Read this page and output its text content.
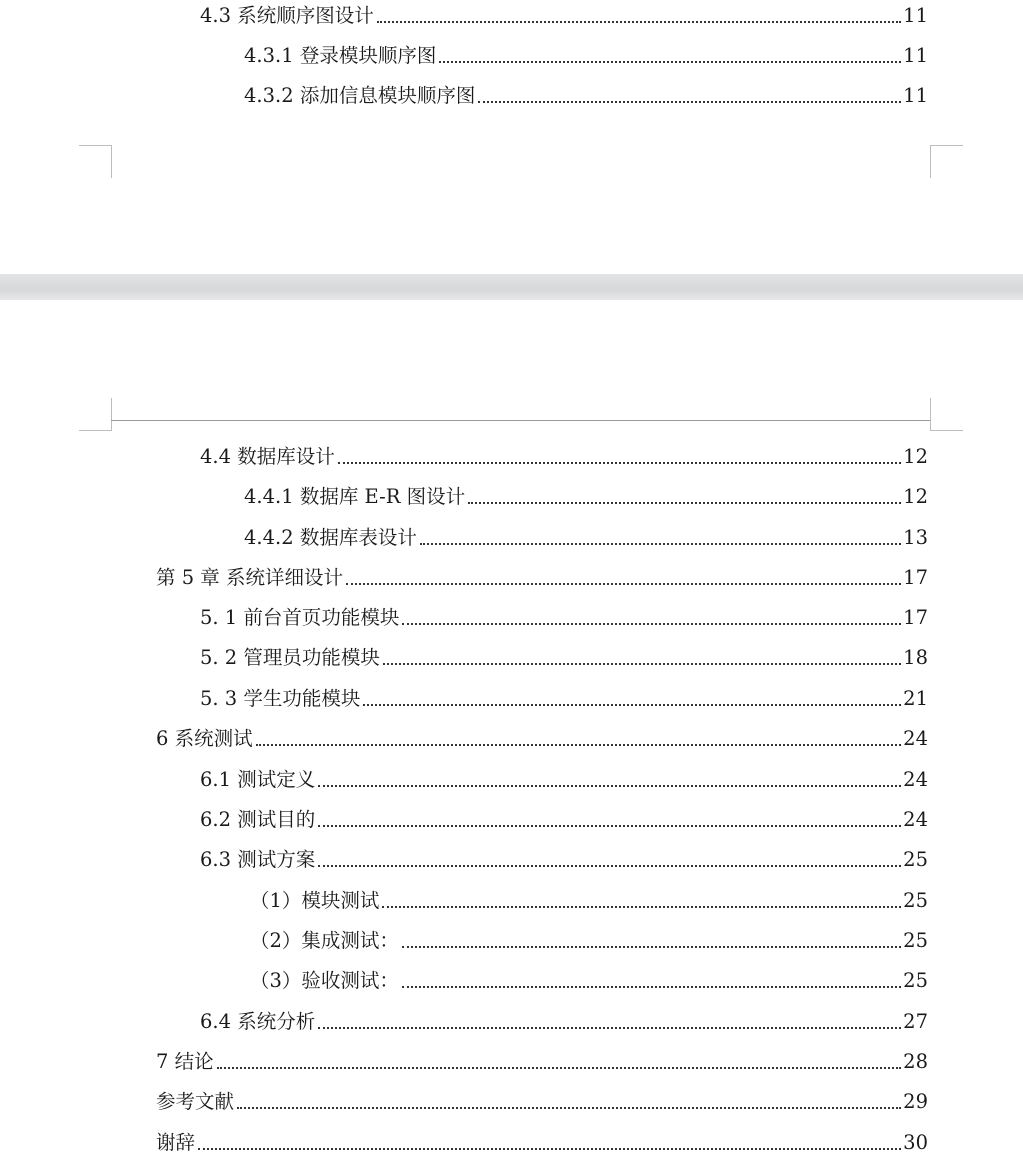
4.3 系统顺序图设计	11
4.3.1 登录模块顺序图	11
4.3.2 添加信息模块顺序图	11
4.4 数据库设计	12
4.4.1 数据库 E-R 图设计	12
4.4.2 数据库表设计	13
第 5 章 系统详细设计	17
5. 1 前台首页功能模块	17
5. 2 管理员功能模块	18
5. 3 学生功能模块	21
6 系统测试	24
6.1 测试定义	24
6.2 测试目的	24
6.3 测试方案	25
（1）模块测试	25
（2）集成测试：	25
（3）验收测试：	25
6.4 系统分析	27
7 结论	28
参考文献	29
谢辞	30
